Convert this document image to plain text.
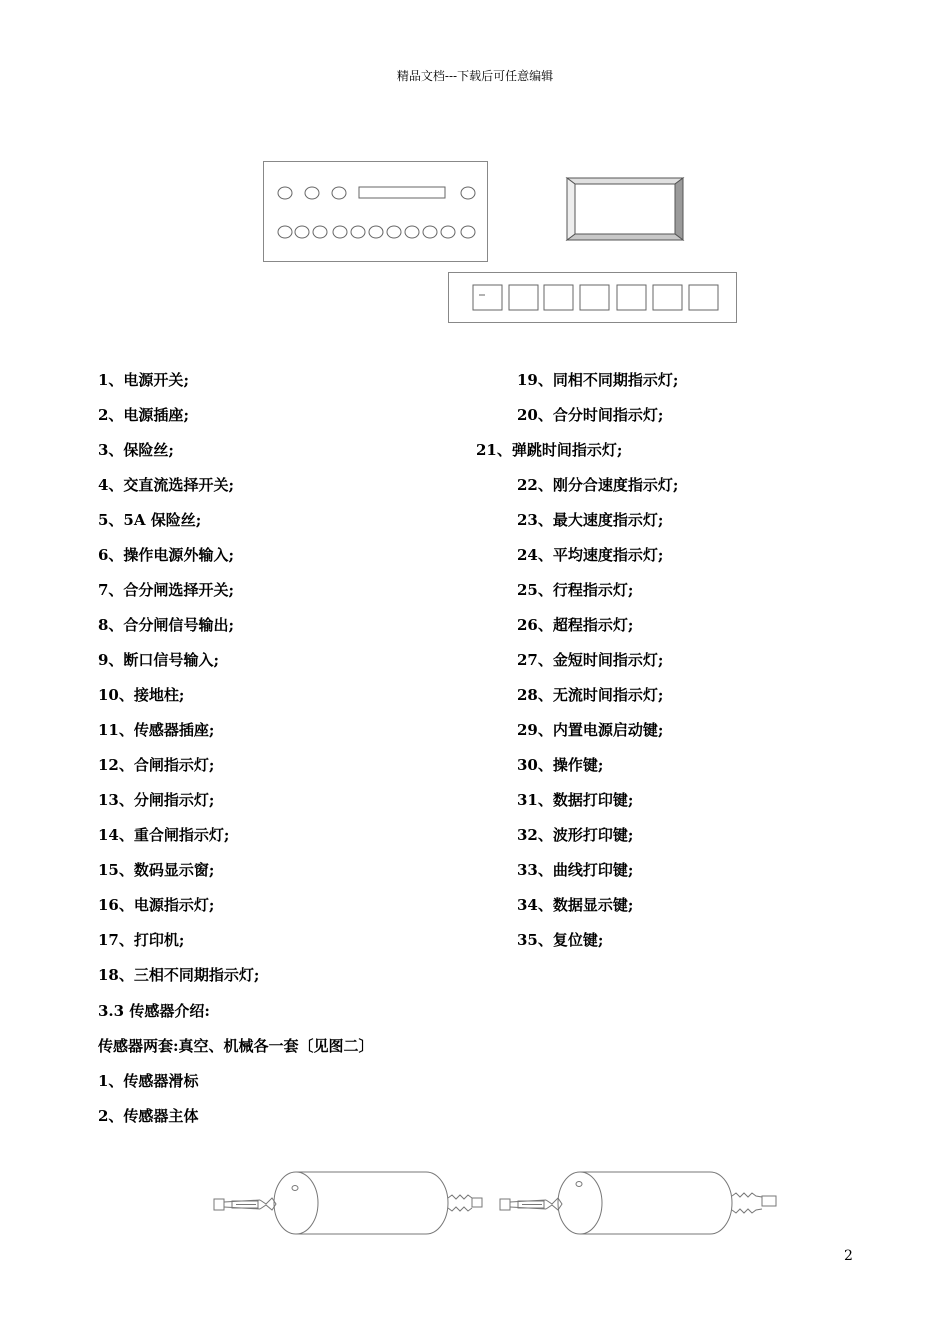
精品文档---下载后可任意编辑
1、电源开关;
2、电源插座;
3、保险丝;
4、交直流选择开关;
5、5A 保险丝;
6、操作电源外输入;
7、合分闸选择开关;
8、合分闸信号输出;
9、断口信号输入;
10、接地柱;
11、传感器插座;
12、合闸指示灯;
13、分闸指示灯;
14、重合闸指示灯;
15、数码显示窗;
16、电源指示灯;
17、打印机;
18、三相不同期指示灯;
19、同相不同期指示灯;
20、合分时间指示灯;
21、弹跳时间指示灯;
22、刚分合速度指示灯;
23、最大速度指示灯;
24、平均速度指示灯;
25、行程指示灯;
26、超程指示灯;
27、金短时间指示灯;
28、无流时间指示灯;
29、内置电源启动键;
30、操作键;
31、数据打印键;
32、波形打印键;
33、曲线打印键;
34、数据显示键;
35、复位键;
3.3 传感器介绍:
传感器两套:真空、机械各一套〔见图二〕
1、传感器滑标
2、传感器主体
2
